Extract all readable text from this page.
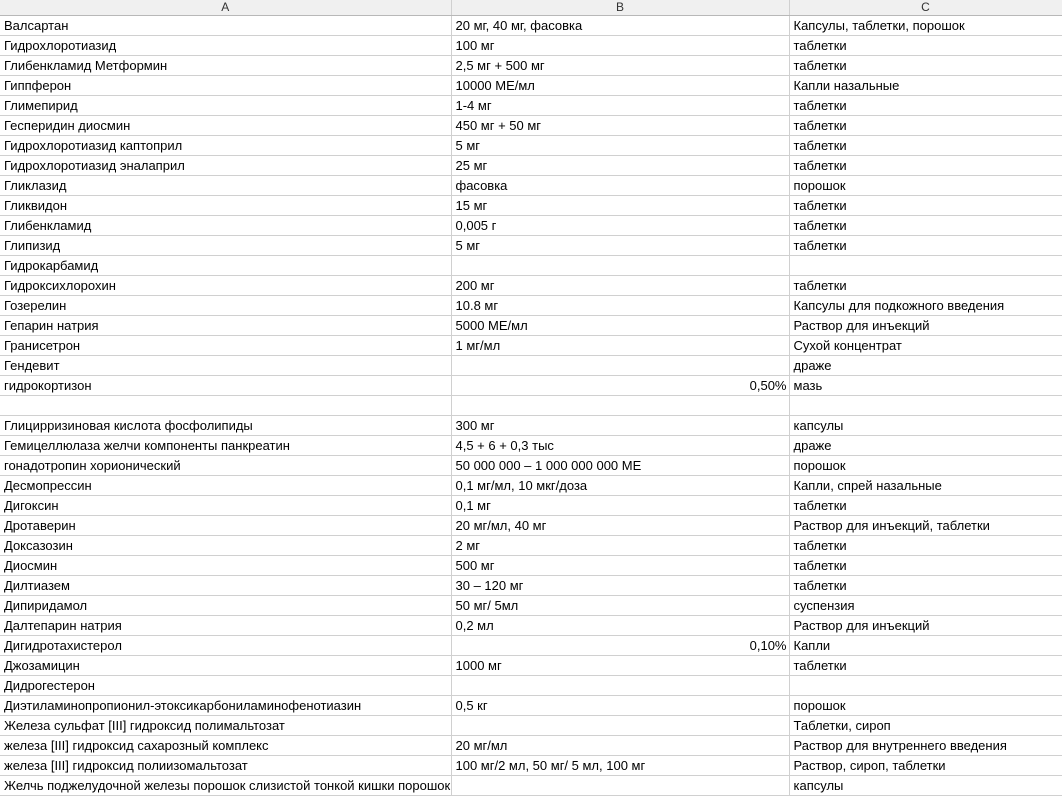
A	B	C
Валсартан	20 мг, 40 мг, фасовка	Капсулы, таблетки, порошок
Гидрохлоротиазид	100 мг	таблетки
Глибенкламид Метформин	2,5 мг + 500 мг	таблетки
Гиппферон	10000 МЕ/мл	Капли назальные
Глимепирид	1-4 мг	таблетки
Гесперидин диосмин	450 мг + 50 мг	таблетки
Гидрохлоротиазид каптоприл	5 мг	таблетки
Гидрохлоротиазид эналаприл	25 мг	таблетки
Гликлазид	фасовка	порошок
Гликвидон	15 мг	таблетки
Глибенкламид	0,005 г	таблетки
Глипизид	5 мг	таблетки
Гидрокарбамид		
Гидроксихлорохин	200 мг	таблетки
Гозерелин	10.8 мг	Капсулы для подкожного введения
Гепарин натрия	5000 МЕ/мл	Раствор для инъекций
Гранисетрон	1 мг/мл	Сухой концентрат
Гендевит		драже
гидрокортизон	0,50%	мазь

Глицирризиновая кислота фосфолипиды	300 мг	капсулы
Гемицеллюлаза желчи компоненты панкреатин	4,5 + 6 + 0,3 тыс	драже
гонадотропин хорионический	50 000 000 – 1 000 000 000 МЕ	порошок
Десмопрессин	0,1 мг/мл, 10 мкг/доза	Капли, спрей назальные
Дигоксин	0,1 мг	таблетки
Дротаверин	20 мг/мл, 40 мг	Раствор для инъекций, таблетки
Доксазозин	2 мг	таблетки
Диосмин	500 мг	таблетки
Дилтиазем	30 – 120 мг	таблетки
Дипиридамол	50 мг/ 5мл	суспензия
Далтепарин натрия	0,2 мл	Раствор для инъекций
Дигидротахистерол	0,10%	Капли
Джозамицин	1000 мг	таблетки
Дидрогестерон		
Диэтиламинопропионил-этоксикарбониламинофенотиазин	0,5 кг	порошок
Железа сульфат [III] гидроксид полимальтозат		Таблетки, сироп
железа [III] гидроксид сахарозный комплекс	20 мг/мл	Раствор для внутреннего введения
железа [III] гидроксид полиизомальтозат	100 мг/2 мл, 50 мг/ 5 мл, 100 мг	Раствор, сироп, таблетки
Желчь поджелудочной железы порошок слизистой тонкой кишки порошок		капсулы
